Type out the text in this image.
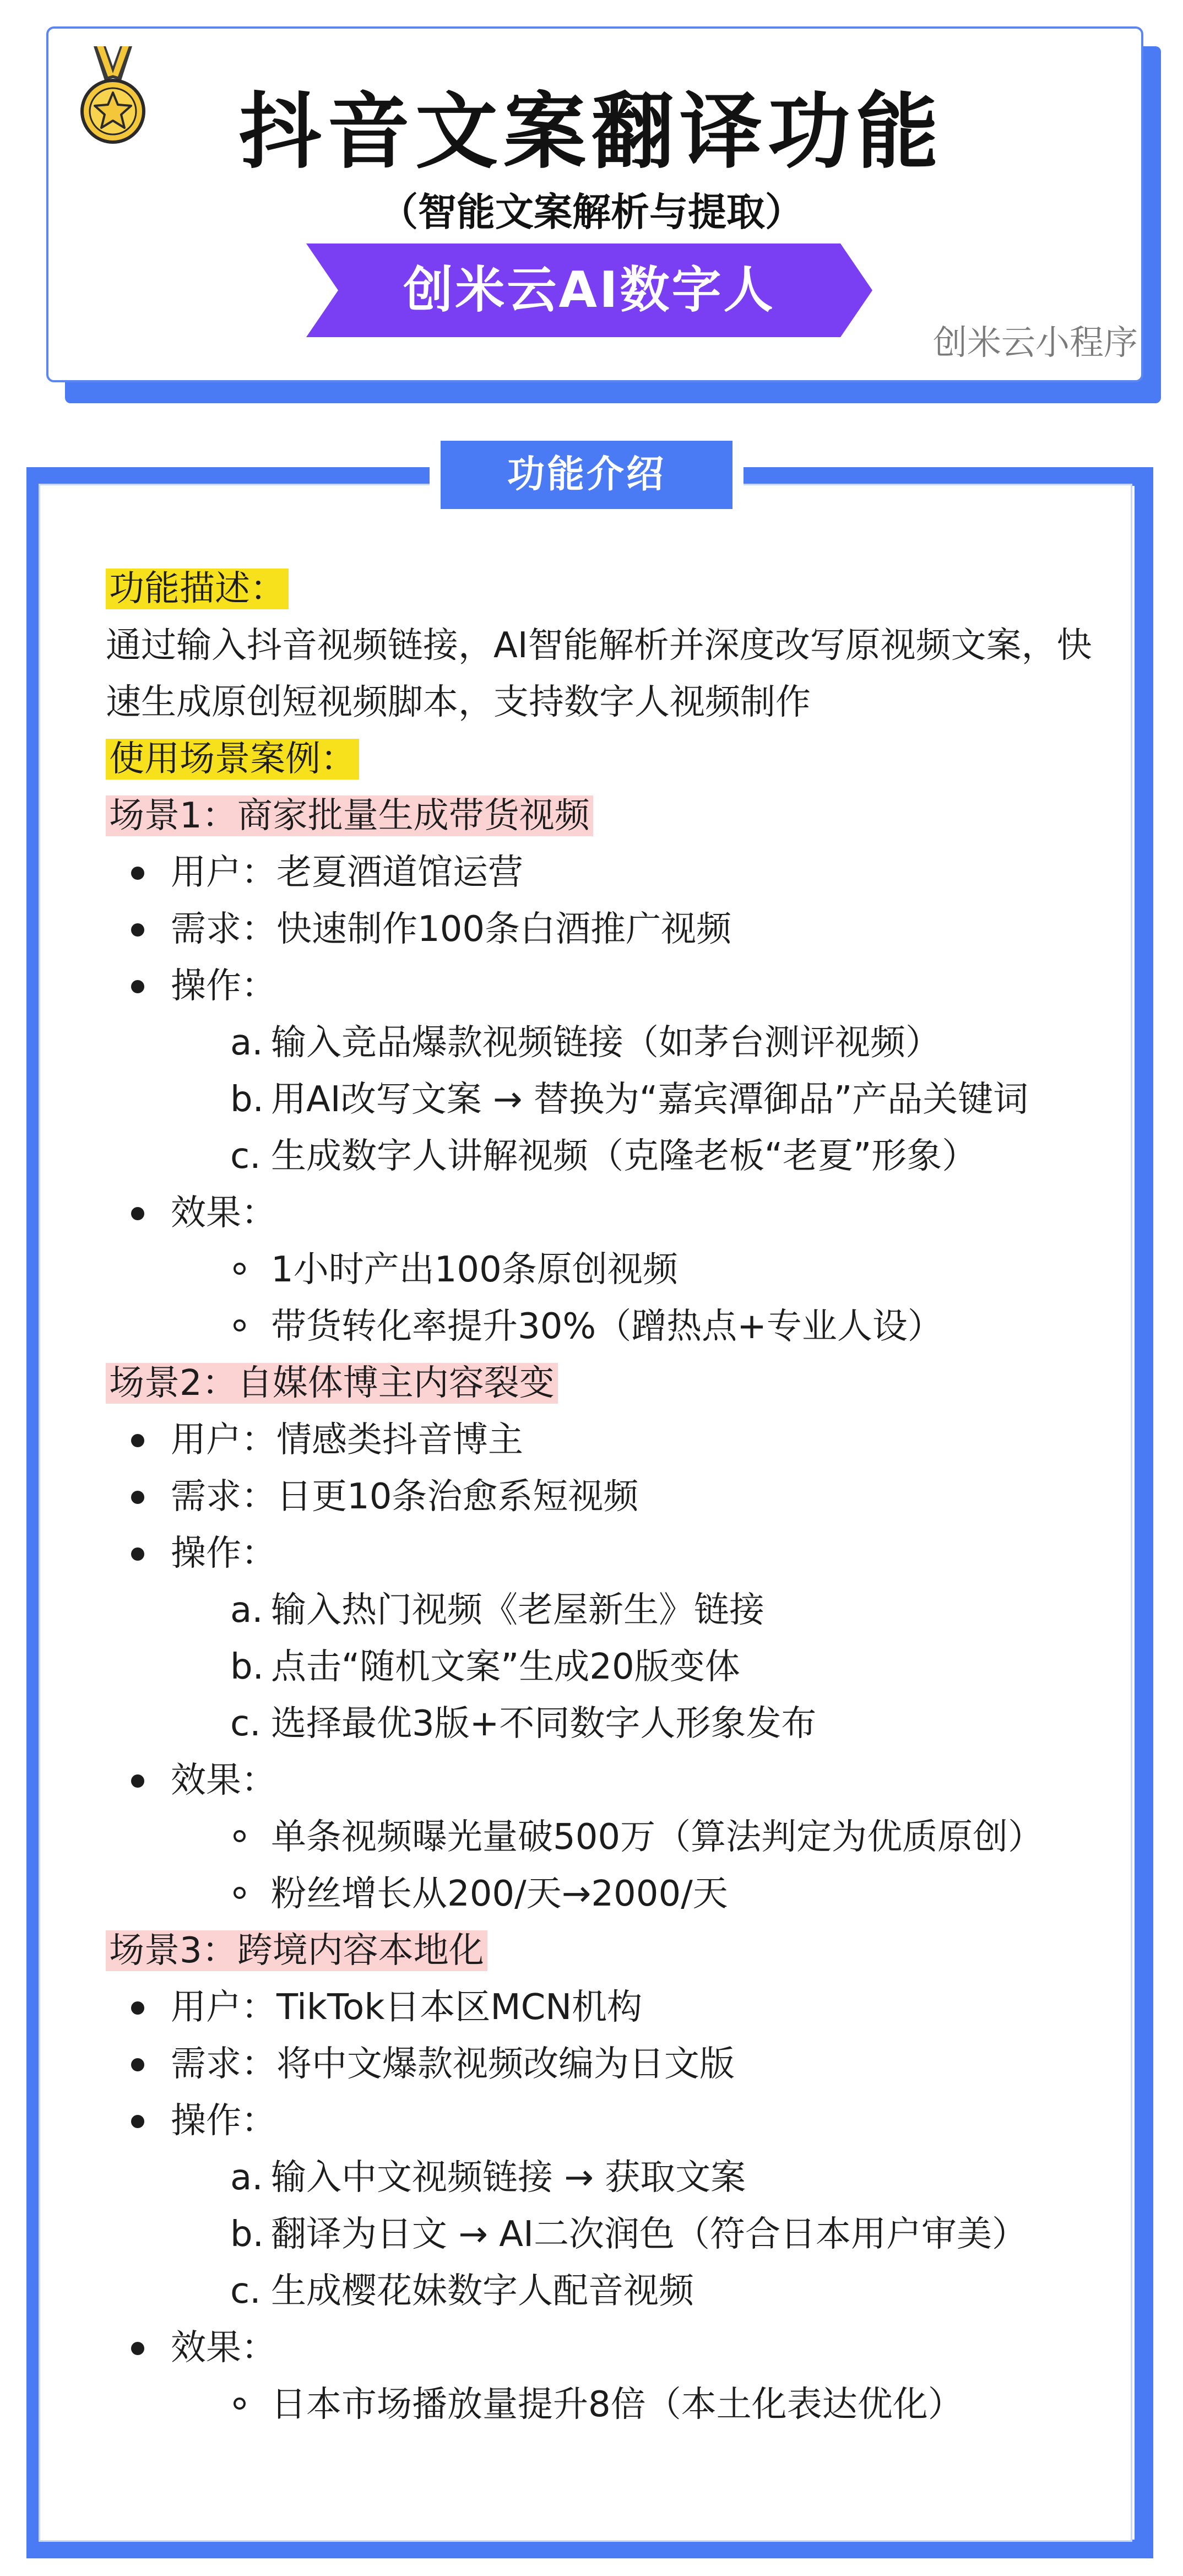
抖音文案翻译功能
（智能文案解析与提取）
创米云AI数字人
创米云小程序
功能介绍
功能描述：
通过输入抖音视频链接，AI智能解析并深度改写原视频文案，快速生成原创短视频脚本，支持数字人视频制作
使用场景案例：
场景1：商家批量生成带货视频
用户：老夏酒道馆运营
需求：快速制作100条白酒推广视频
操作：
a. 输入竞品爆款视频链接（如茅台测评视频）
b. 用AI改写文案 → 替换为“嘉宾潭御品”产品关键词
c. 生成数字人讲解视频（克隆老板“老夏”形象）
效果：
1小时产出100条原创视频
带货转化率提升30%（蹭热点+专业人设）
场景2：自媒体博主内容裂变
用户：情感类抖音博主
需求：日更10条治愈系短视频
操作：
a. 输入热门视频《老屋新生》链接
b. 点击“随机文案”生成20版变体
c. 选择最优3版+不同数字人形象发布
效果：
单条视频曝光量破500万（算法判定为优质原创）
粉丝增长从200/天→2000/天
场景3：跨境内容本地化
用户：TikTok日本区MCN机构
需求：将中文爆款视频改编为日文版
操作：
a. 输入中文视频链接 → 获取文案
b. 翻译为日文 → AI二次润色（符合日本用户审美）
c. 生成樱花妹数字人配音视频
效果：
日本市场播放量提升8倍（本土化表达优化）
